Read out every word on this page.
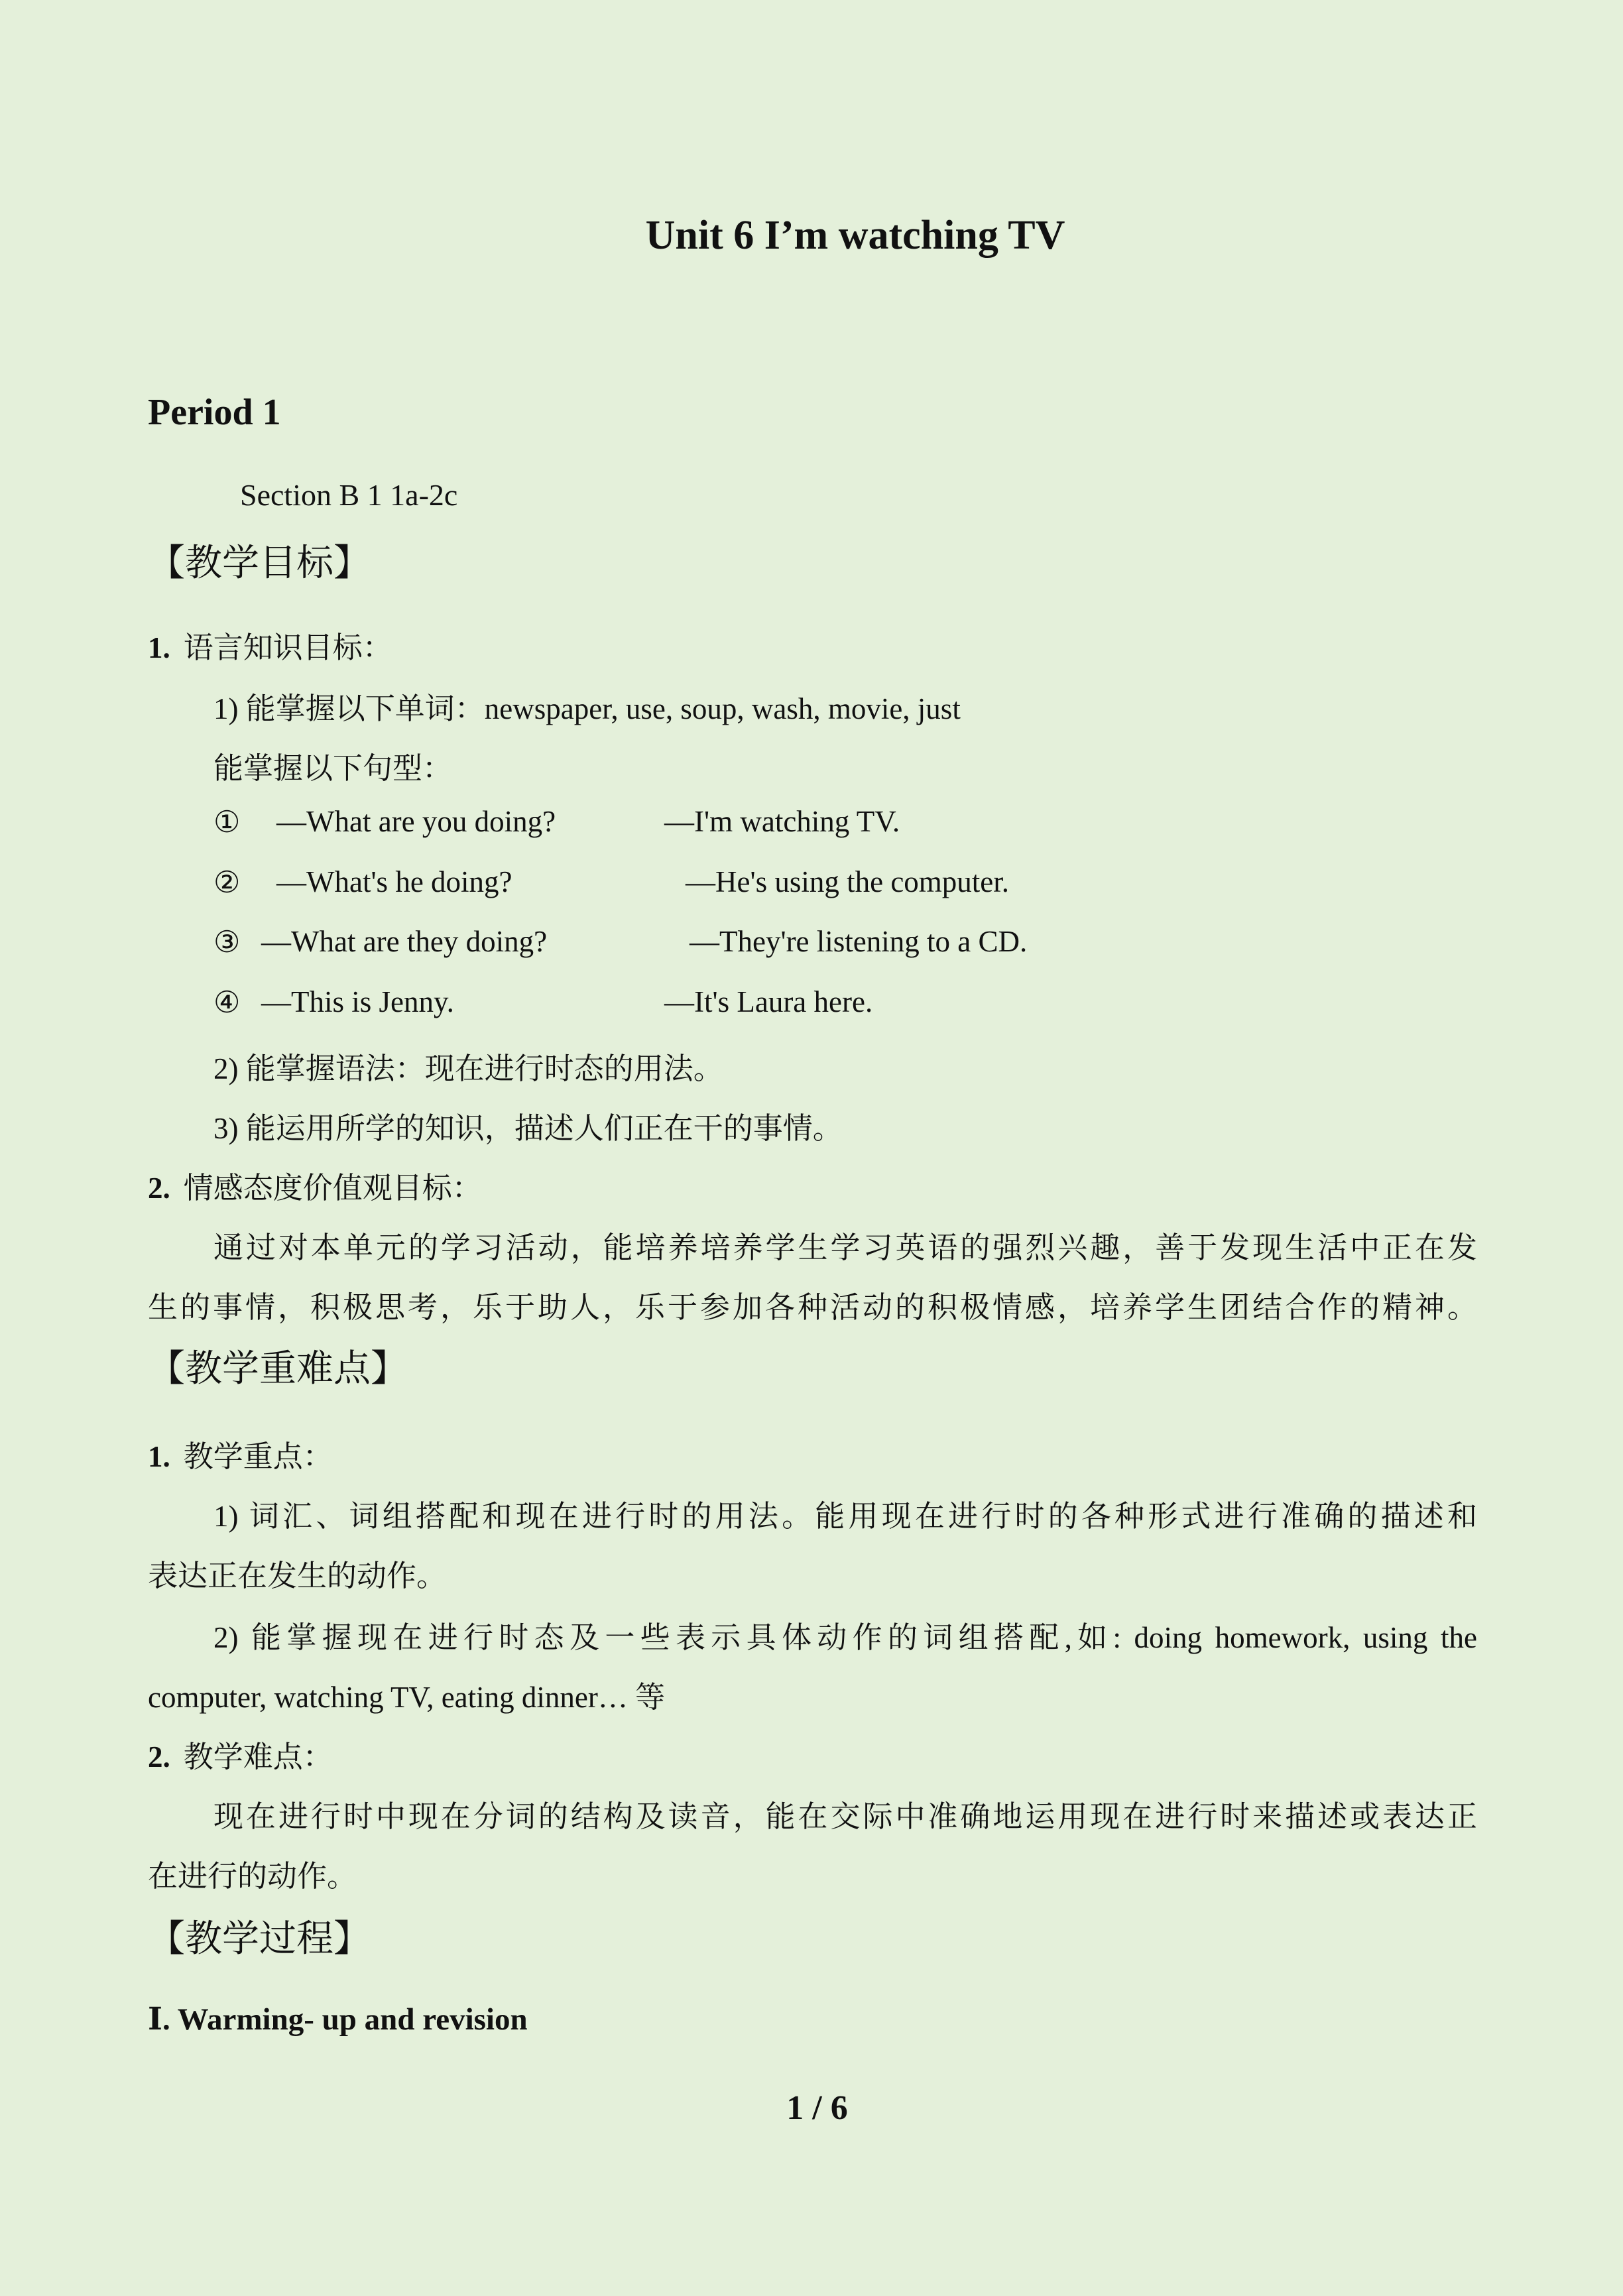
Unit 6 I’m watching TV
Period 1
Section B 1 1a-2c
【教学目标】
1. 语言知识目标：
1) 能掌握以下单词：newspaper, use, soup, wash, movie, just
能掌握以下句型：
① —What are you doing?	—I'm watching TV.
② —What's he doing?	—He's using the computer.
③ —What are they doing?	—They're listening to a CD.
④ —This is Jenny.	—It's Laura here.
2) 能掌握语法：现在进行时态的用法。
3) 能运用所学的知识，描述人们正在干的事情。
2. 情感态度价值观目标：
通过对本单元的学习活动，能培养培养学生学习英语的强烈兴趣，善于发现生活中正在发
生的事情，积极思考，乐于助人，乐于参加各种活动的积极情感，培养学生团结合作的精神。
【教学重难点】
1. 教学重点：
1) 词汇、词组搭配和现在进行时的用法。能用现在进行时的各种形式进行准确的描述和
表达正在发生的动作。
2) 能掌握现在进行时态及一些表示具体动作的词组搭配,如: doing homework, using the
computer, watching TV, eating dinner… 等
2. 教学难点：
现在进行时中现在分词的结构及读音，能在交际中准确地运用现在进行时来描述或表达正
在进行的动作。
【教学过程】
Ⅰ. Warming- up and revision
1 / 6
